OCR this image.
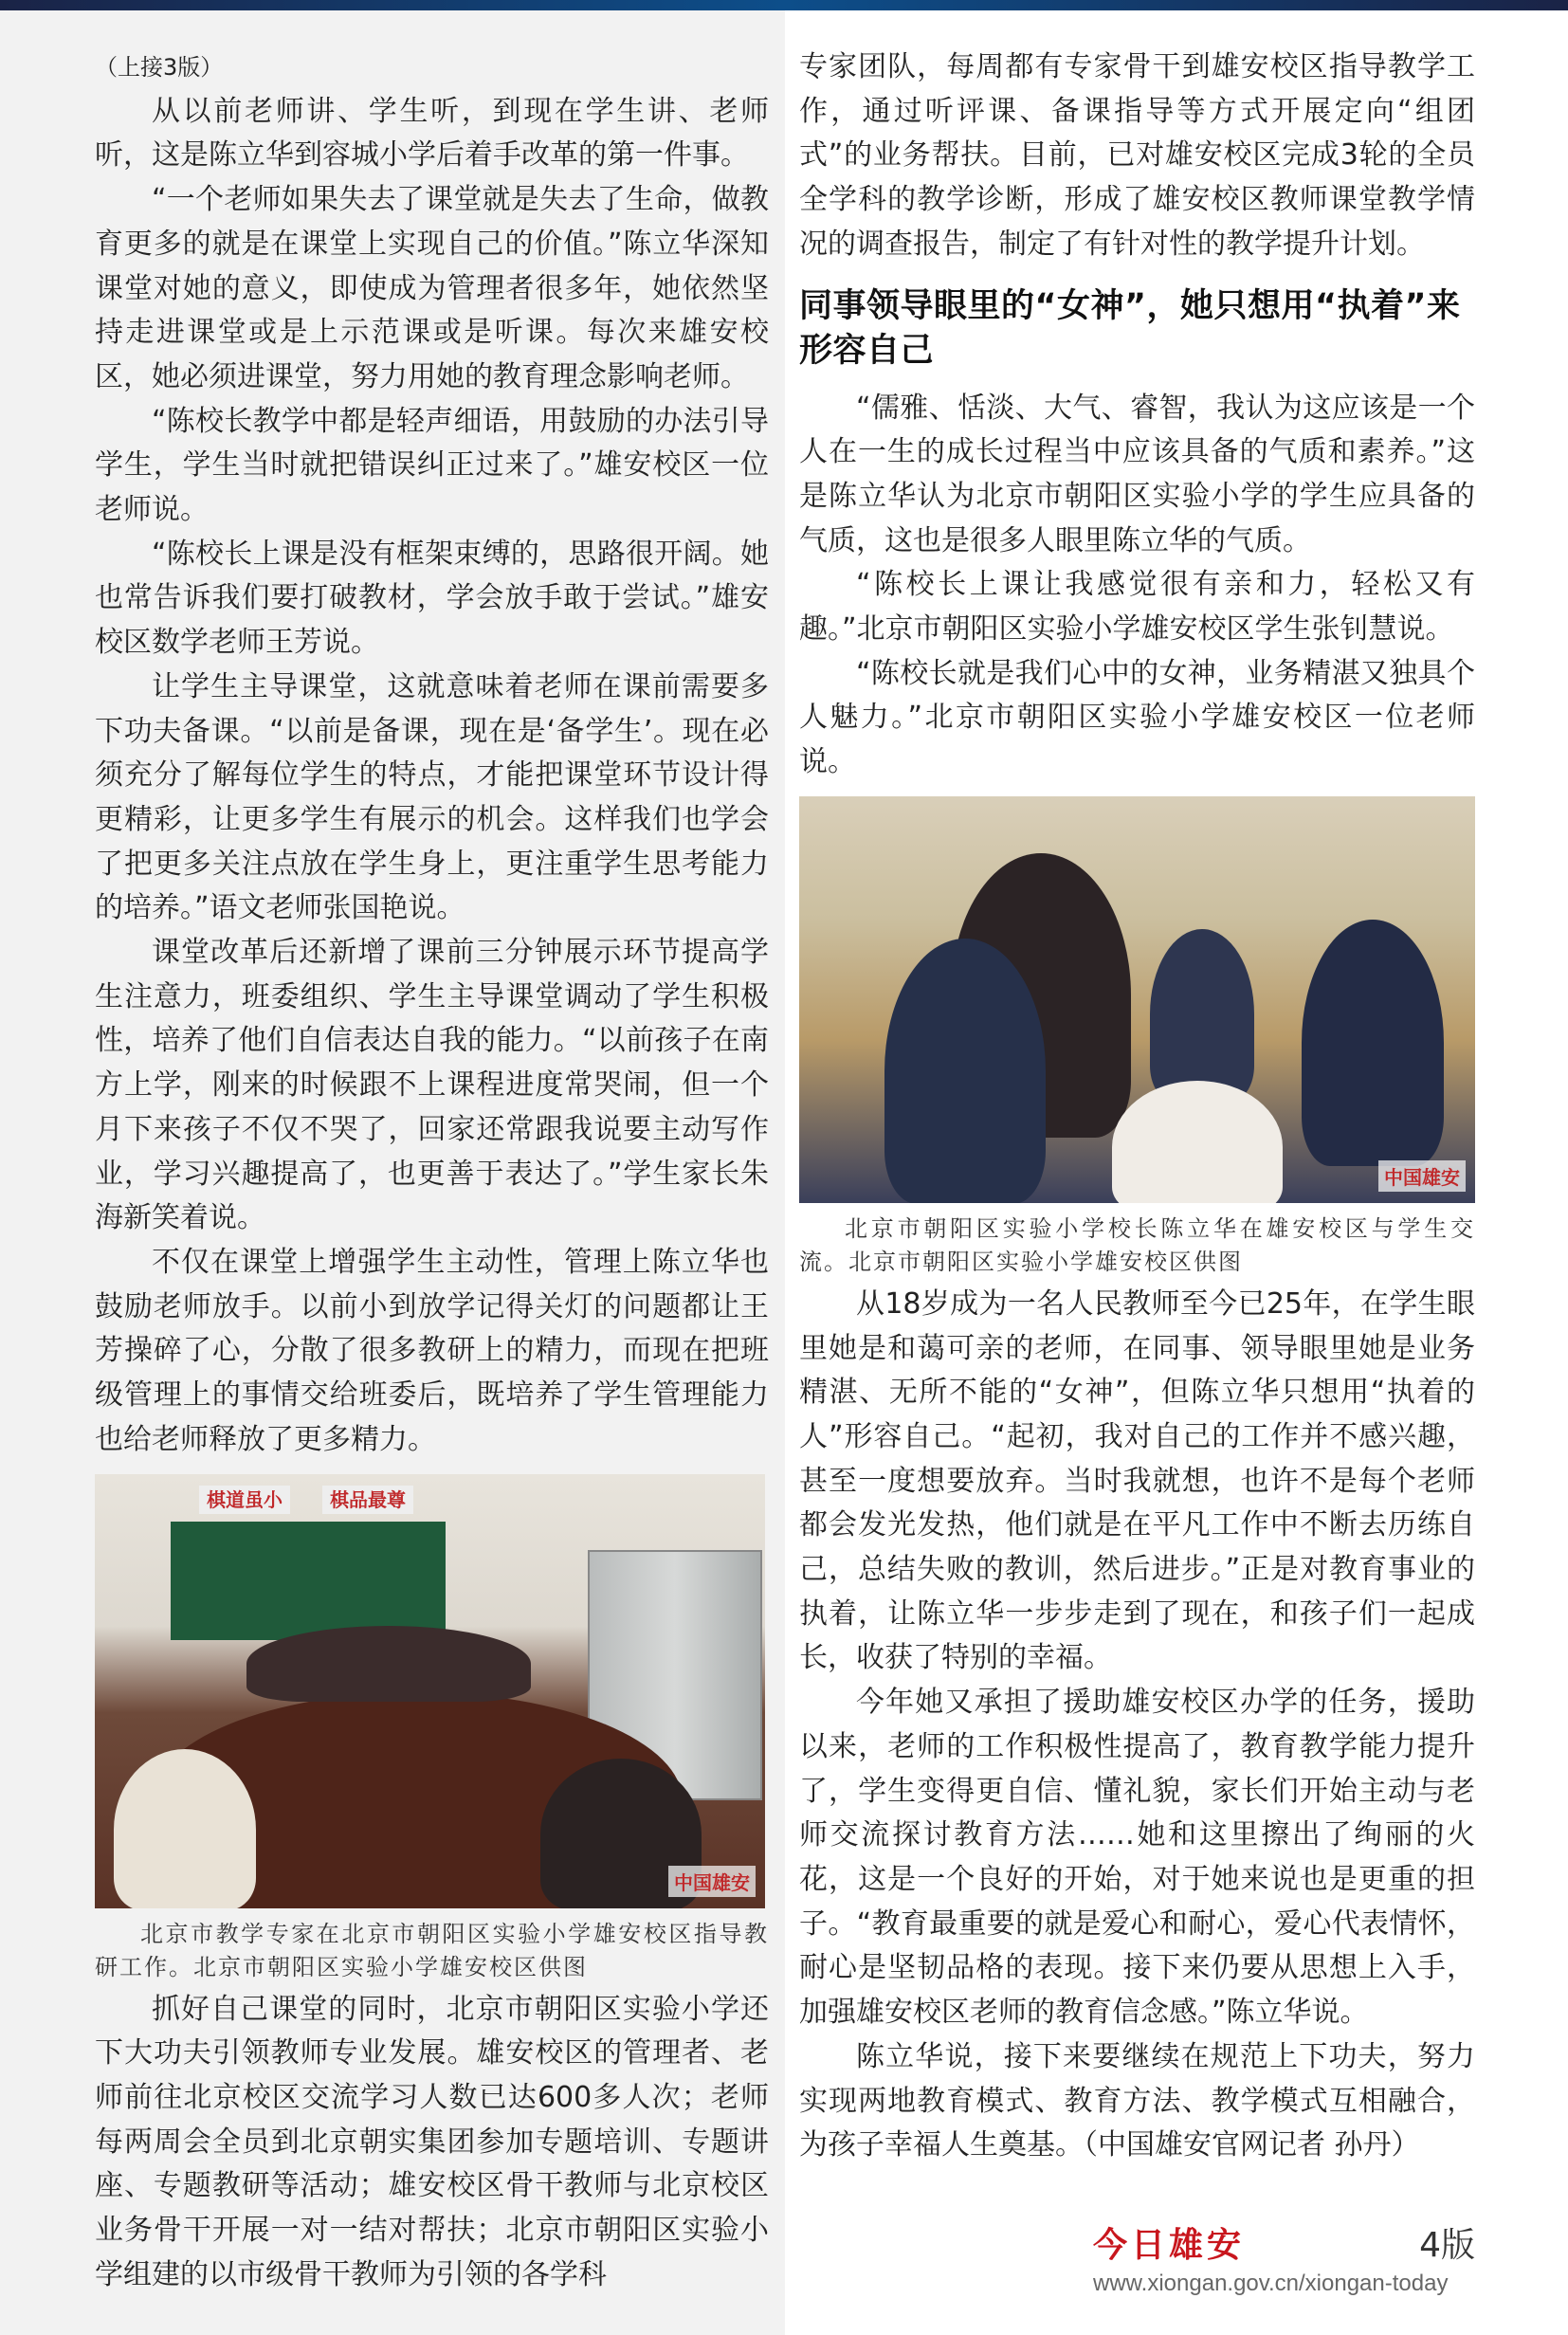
（上接3版）

从以前老师讲、学生听，到现在学生讲、老师听，这是陈立华到容城小学后着手改革的第一件事。

“一个老师如果失去了课堂就是失去了生命，做教育更多的就是在课堂上实现自己的价值。”陈立华深知课堂对她的意义，即使成为管理者很多年，她依然坚持走进课堂或是上示范课或是听课。每次来雄安校区，她必须进课堂，努力用她的教育理念影响老师。

“陈校长教学中都是轻声细语，用鼓励的办法引导学生，学生当时就把错误纠正过来了。”雄安校区一位老师说。

“陈校长上课是没有框架束缚的，思路很开阔。她也常告诉我们要打破教材，学会放手敢于尝试。”雄安校区数学老师王芳说。

让学生主导课堂，这就意味着老师在课前需要多下功夫备课。“以前是备课，现在是‘备学生’。现在必须充分了解每位学生的特点，才能把课堂环节设计得更精彩，让更多学生有展示的机会。这样我们也学会了把更多关注点放在学生身上，更注重学生思考能力的培养。”语文老师张国艳说。

课堂改革后还新增了课前三分钟展示环节提高学生注意力，班委组织、学生主导课堂调动了学生积极性，培养了他们自信表达自我的能力。“以前孩子在南方上学，刚来的时候跟不上课程进度常哭闹，但一个月下来孩子不仅不哭了，回家还常跟我说要主动写作业，学习兴趣提高了，也更善于表达了。”学生家长朱海新笑着说。

不仅在课堂上增强学生主动性，管理上陈立华也鼓励老师放手。以前小到放学记得关灯的问题都让王芳操碎了心，分散了很多教研上的精力，而现在把班级管理上的事情交给班委后，既培养了学生管理能力也给老师释放了更多精力。

棋道虽小	棋品最尊
中国雄安
北京市教学专家在北京市朝阳区实验小学雄安校区指导教研工作。北京市朝阳区实验小学雄安校区供图

抓好自己课堂的同时，北京市朝阳区实验小学还下大功夫引领教师专业发展。雄安校区的管理者、老师前往北京校区交流学习人数已达600多人次；老师每两周会全员到北京朝实集团参加专题培训、专题讲座、专题教研等活动；雄安校区骨干教师与北京校区业务骨干开展一对一结对帮扶；北京市朝阳区实验小学组建的以市级骨干教师为引领的各学科

专家团队，每周都有专家骨干到雄安校区指导教学工作，通过听评课、备课指导等方式开展定向“组团式”的业务帮扶。目前，已对雄安校区完成3轮的全员全学科的教学诊断，形成了雄安校区教师课堂教学情况的调查报告，制定了有针对性的教学提升计划。

同事领导眼里的“女神”，她只想用“执着”来形容自己

“儒雅、恬淡、大气、睿智，我认为这应该是一个人在一生的成长过程当中应该具备的气质和素养。”这是陈立华认为北京市朝阳区实验小学的学生应具备的气质，这也是很多人眼里陈立华的气质。

“陈校长上课让我感觉很有亲和力，轻松又有趣。”北京市朝阳区实验小学雄安校区学生张钊慧说。

“陈校长就是我们心中的女神，业务精湛又独具个人魅力。”北京市朝阳区实验小学雄安校区一位老师说。

中国雄安
北京市朝阳区实验小学校长陈立华在雄安校区与学生交流。北京市朝阳区实验小学雄安校区供图

从18岁成为一名人民教师至今已25年，在学生眼里她是和蔼可亲的老师，在同事、领导眼里她是业务精湛、无所不能的“女神”，但陈立华只想用“执着的人”形容自己。“起初，我对自己的工作并不感兴趣，甚至一度想要放弃。当时我就想，也许不是每个老师都会发光发热，他们就是在平凡工作中不断去历练自己，总结失败的教训，然后进步。”正是对教育事业的执着，让陈立华一步步走到了现在，和孩子们一起成长，收获了特别的幸福。

今年她又承担了援助雄安校区办学的任务，援助以来，老师的工作积极性提高了，教育教学能力提升了，学生变得更自信、懂礼貌，家长们开始主动与老师交流探讨教育方法……她和这里擦出了绚丽的火花，这是一个良好的开始，对于她来说也是更重的担子。“教育最重要的就是爱心和耐心，爱心代表情怀，耐心是坚韧品格的表现。接下来仍要从思想上入手，加强雄安校区老师的教育信念感。”陈立华说。

陈立华说，接下来要继续在规范上下功夫，努力实现两地教育模式、教育方法、教学模式互相融合，为孩子幸福人生奠基。（中国雄安官网记者 孙丹）

今日雄安	4版
www.xiongan.gov.cn/xiongan-today
